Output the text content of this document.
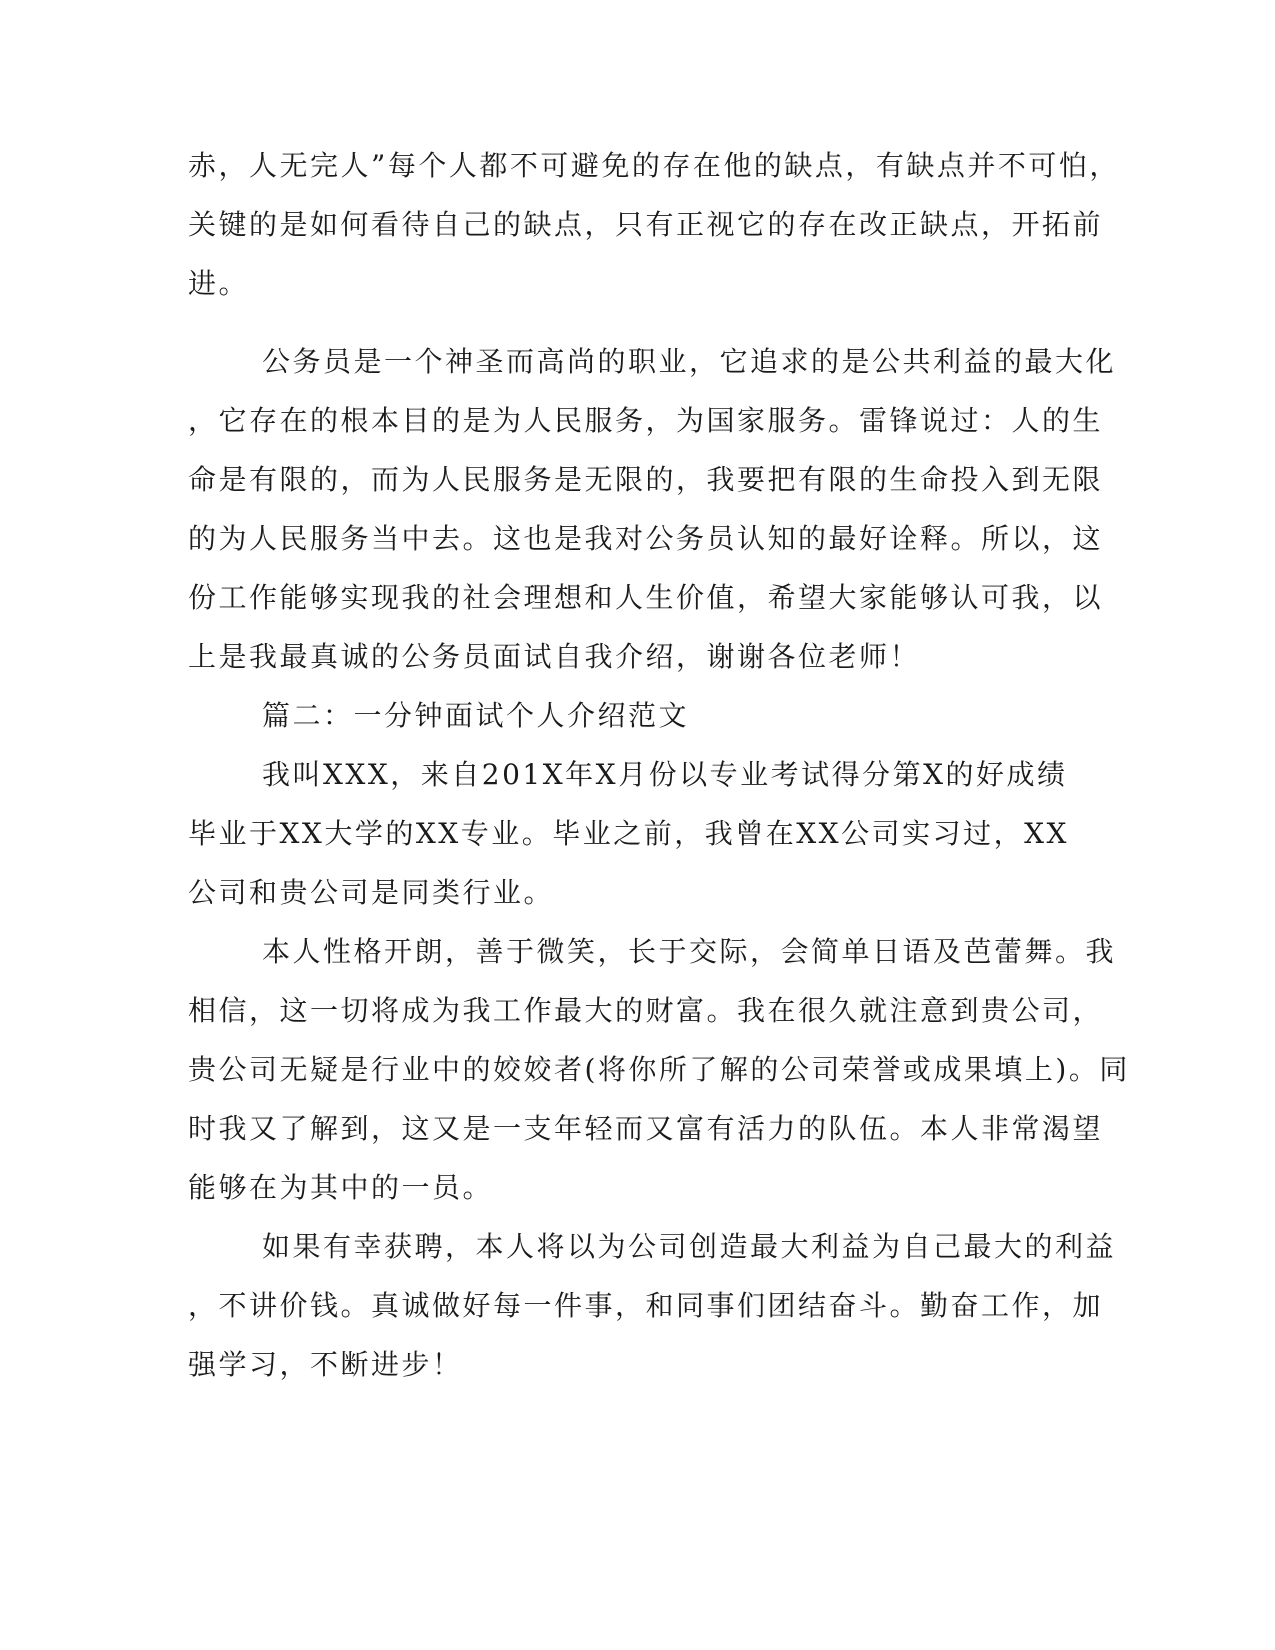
赤，人无完人”每个人都不可避免的存在他的缺点，有缺点并不可怕，
关键的是如何看待自己的缺点，只有正视它的存在改正缺点，开拓前
进。
公务员是一个神圣而高尚的职业，它追求的是公共利益的最大化
，它存在的根本目的是为人民服务，为国家服务。雷锋说过：人的生
命是有限的，而为人民服务是无限的，我要把有限的生命投入到无限
的为人民服务当中去。这也是我对公务员认知的最好诠释。所以，这
份工作能够实现我的社会理想和人生价值，希望大家能够认可我，以
上是我最真诚的公务员面试自我介绍，谢谢各位老师！
篇二：一分钟面试个人介绍范文
我叫XXX，来自201X年X月份以专业考试得分第X的好成绩
毕业于XX大学的XX专业。毕业之前，我曾在XX公司实习过，XX
公司和贵公司是同类行业。
本人性格开朗，善于微笑，长于交际，会简单日语及芭蕾舞。我
相信，这一切将成为我工作最大的财富。我在很久就注意到贵公司，
贵公司无疑是行业中的姣姣者(将你所了解的公司荣誉或成果填上)。同
时我又了解到，这又是一支年轻而又富有活力的队伍。本人非常渴望
能够在为其中的一员。
如果有幸获聘，本人将以为公司创造最大利益为自己最大的利益
，不讲价钱。真诚做好每一件事，和同事们团结奋斗。勤奋工作，加
强学习，不断进步！
